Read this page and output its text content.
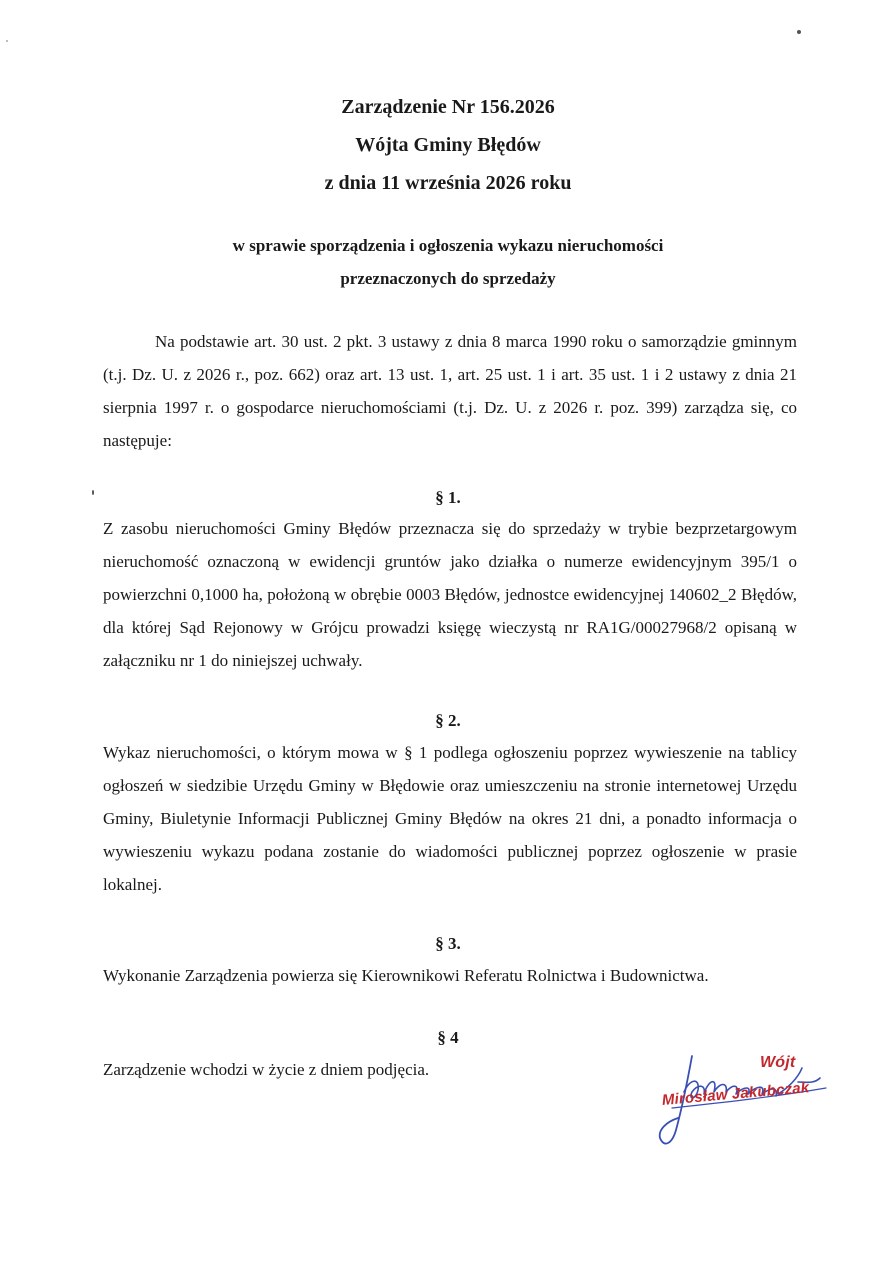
Zarządzenie Nr 156.2026
Wójta Gminy Błędów
z dnia 11 września 2026 roku
w sprawie sporządzenia i ogłoszenia wykazu nieruchomości
przeznaczonych do sprzedaży

Na podstawie art. 30 ust. 2 pkt. 3 ustawy z dnia 8 marca 1990 roku o samorządzie gminnym (t.j. Dz. U. z 2026 r., poz. 662) oraz art. 13 ust. 1, art. 25 ust. 1 i art. 35 ust. 1 i 2 ustawy z dnia 21 sierpnia 1997 r. o gospodarce nieruchomościami (t.j. Dz. U. z 2026 r. poz. 399) zarządza się, co następuje:

§ 1.

Z zasobu nieruchomości Gminy Błędów przeznacza się do sprzedaży w trybie bezprzetargowym nieruchomość oznaczoną w ewidencji gruntów jako działka o numerze ewidencyjnym 395/1 o powierzchni 0,1000 ha, położoną w obrębie 0003 Błędów, jednostce ewidencyjnej 140602_2 Błędów, dla której Sąd Rejonowy w Grójcu prowadzi księgę wieczystą nr RA1G/00027968/2 opisaną w załączniku nr 1 do niniejszej uchwały.

§ 2.

Wykaz nieruchomości, o którym mowa w § 1 podlega ogłoszeniu poprzez wywieszenie na tablicy ogłoszeń w siedzibie Urzędu Gminy w Błędowie oraz umieszczeniu na stronie internetowej Urzędu Gminy, Biuletynie Informacji Publicznej Gminy Błędów na okres 21 dni, a ponadto informacja o wywieszeniu wykazu podana zostanie do wiadomości publicznej poprzez ogłoszenie w prasie lokalnej.

§ 3.

Wykonanie Zarządzenia powierza się Kierownikowi Referatu Rolnictwa i Budownictwa.

§ 4

Zarządzenie wchodzi w życie z dniem podjęcia.	Wójt
Mirosław Jakubczak
